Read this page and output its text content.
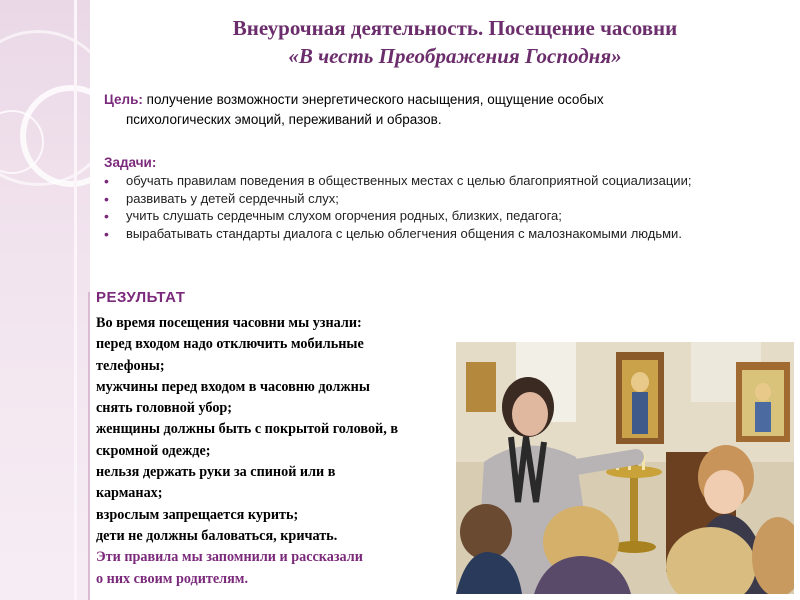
Внеурочная деятельность. Посещение часовни
«В честь Преображения Господня»
Цель: получение возможности энергетического насыщения, ощущение особых
психологических эмоций, переживаний и образов.
Задачи:
• обучать правилам поведения в общественных местах с целью благоприятной социализации;
• развивать у детей сердечный слух;
• учить слушать сердечным слухом огорчения родных, близких, педагога;
• вырабатывать стандарты диалога с целью облегчения общения с малознакомыми людьми.
РЕЗУЛЬТАТ
Во время посещения часовни мы узнали:
перед входом надо отключить мобильные
телефоны;
мужчины перед входом в часовню должны
снять головной убор;
женщины должны быть с покрытой головой, в
скромной одежде;
нельзя держать руки за спиной или в
карманах;
взрослым запрещается курить;
дети не должны баловаться, кричать.
Эти правила мы запомнили и рассказали
о них своим родителям.
